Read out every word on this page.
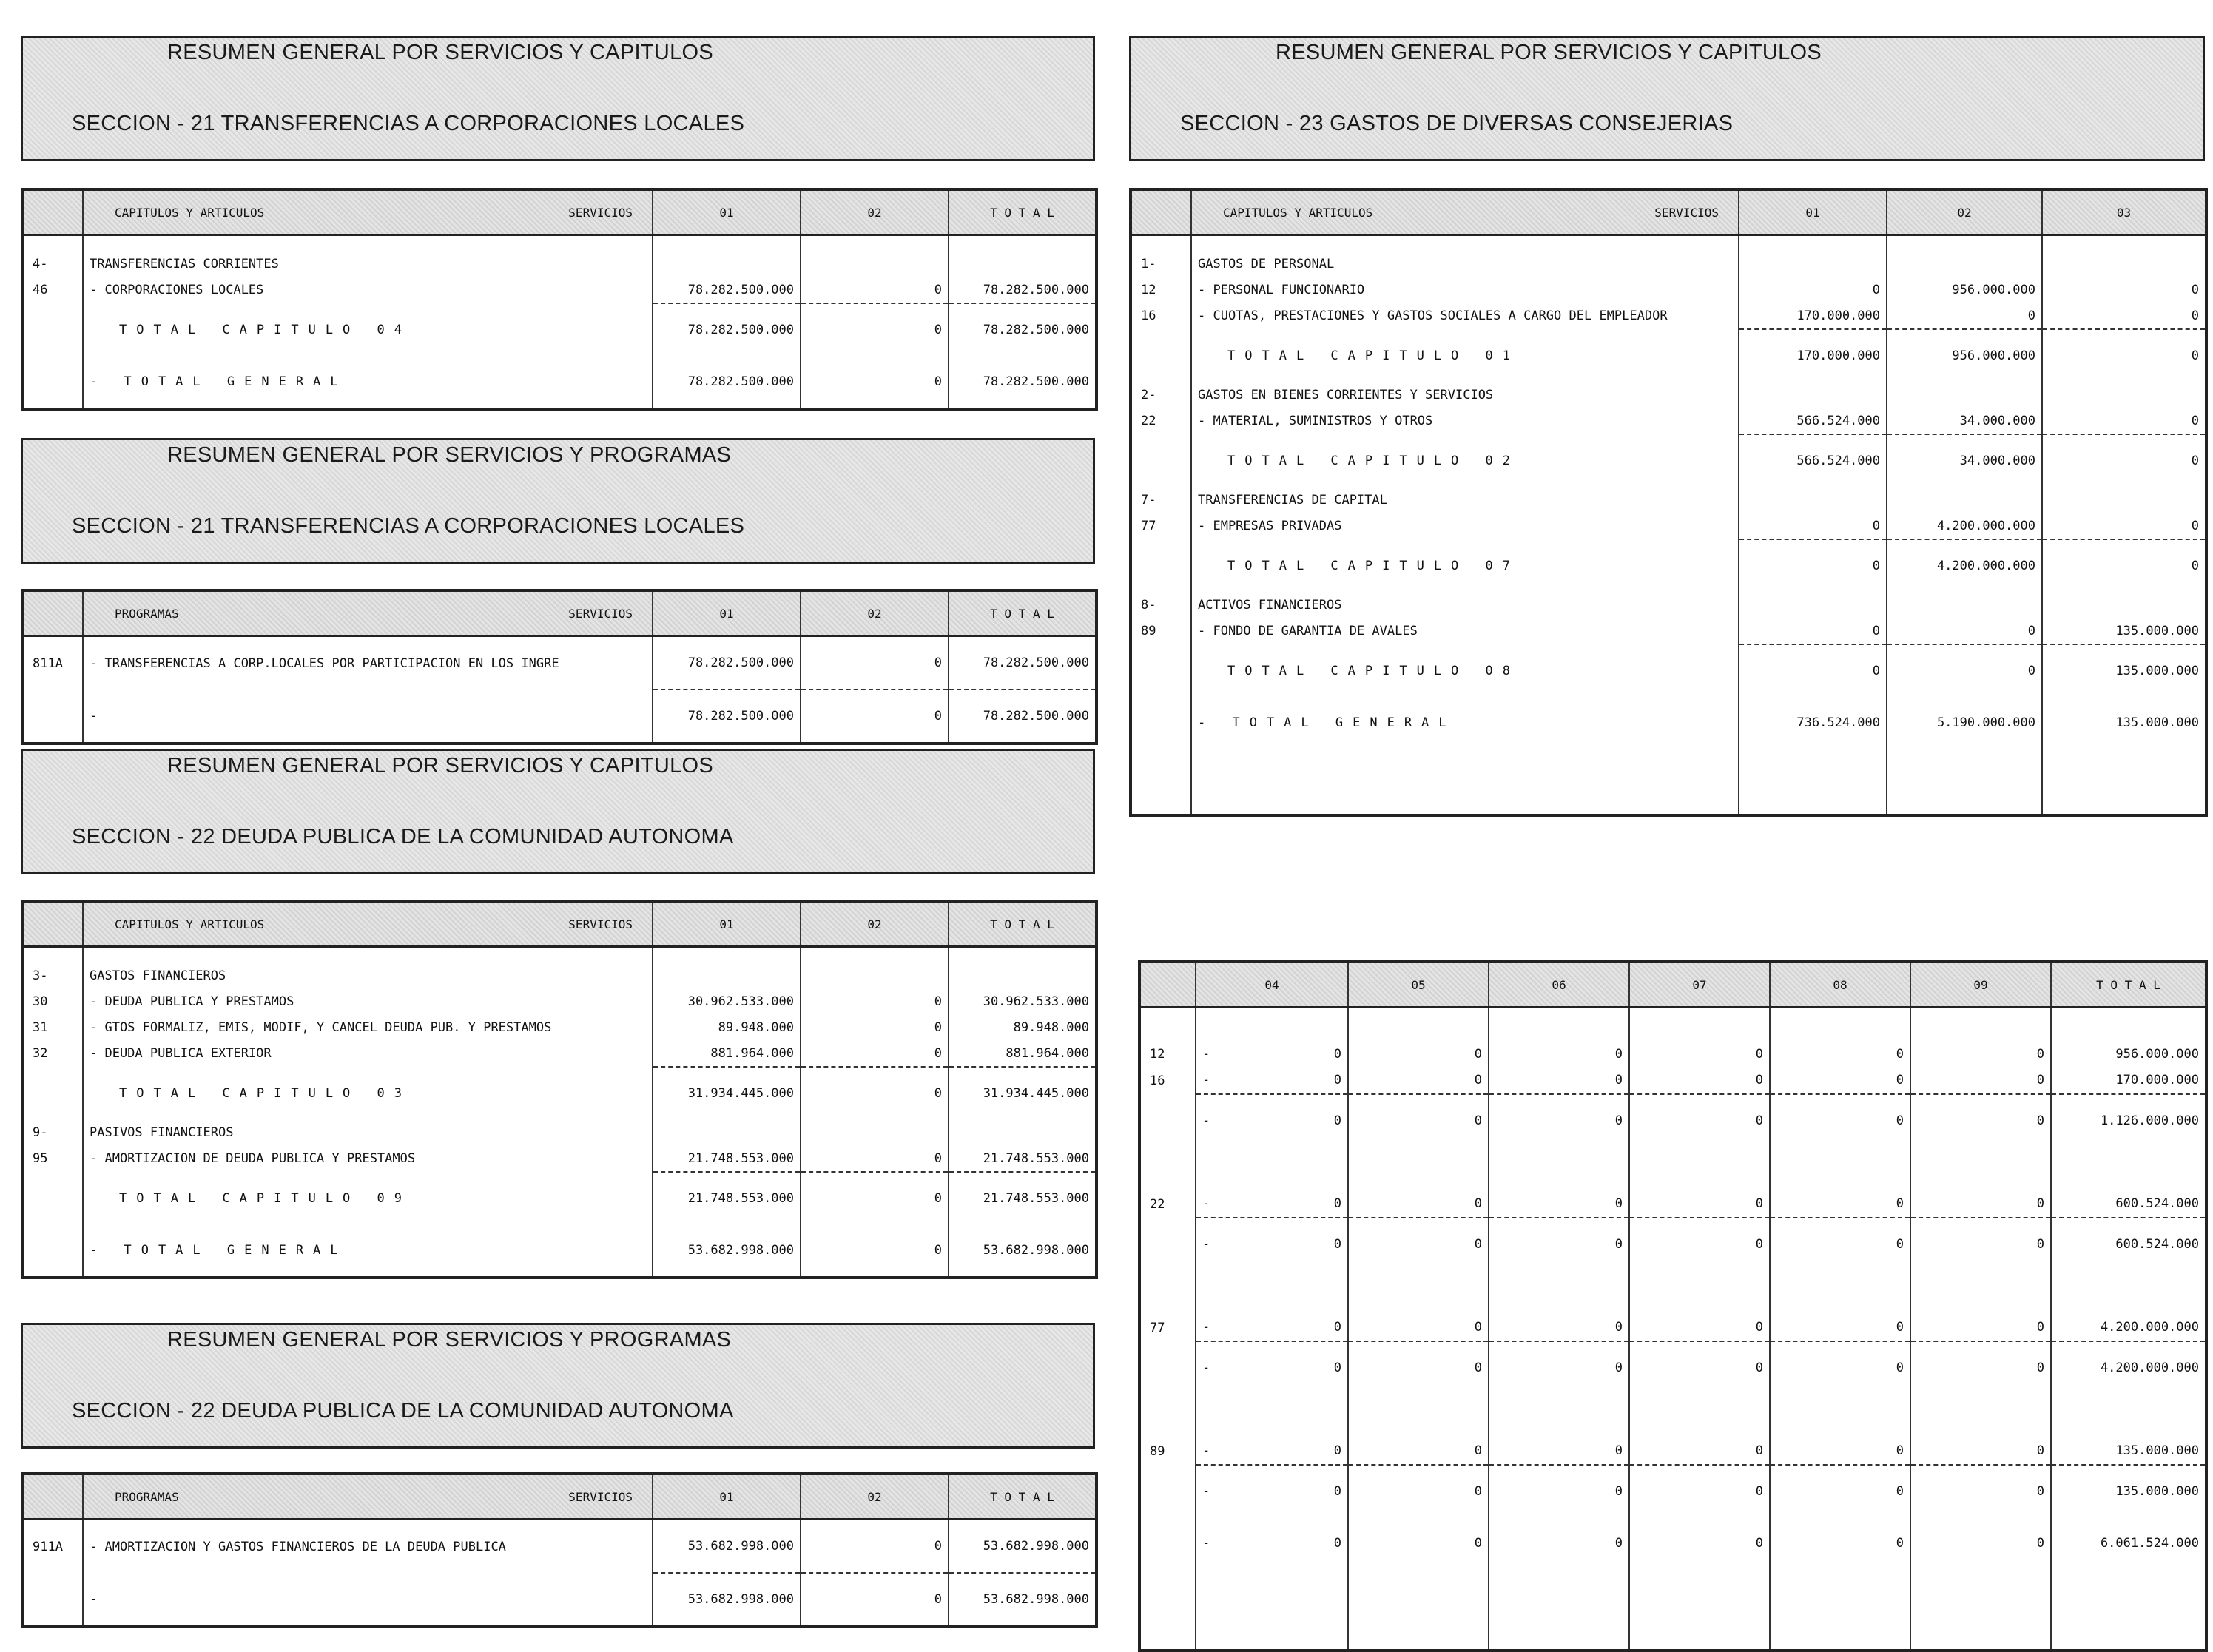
RESUMEN GENERAL POR SERVICIOS Y CAPITULOS
SECCION - 21 TRANSFERENCIAS A CORPORACIONES LOCALES

	CAPITULOS Y ARTICULOS SERVICIOS	01	02	T O T A L

4-	TRANSFERENCIAS CORRIENTES			
46	- CORPORACIONES LOCALES	78.282.500.000	0	78.282.500.000
	TOTAL CAPITULO 04	78.282.500.000	0	78.282.500.000
	- TOTAL GENERAL	78.282.500.000	0	78.282.500.000
RESUMEN GENERAL POR SERVICIOS Y PROGRAMAS
SECCION - 21 TRANSFERENCIAS A CORPORACIONES LOCALES

	PROGRAMAS SERVICIOS	01	02	T O T A L
811A	- TRANSFERENCIAS A CORP.LOCALES POR PARTICIPACION EN LOS INGRE	78.282.500.000	0	78.282.500.000
	-	78.282.500.000	0	78.282.500.000
RESUMEN GENERAL POR SERVICIOS Y CAPITULOS
SECCION - 22 DEUDA PUBLICA DE LA COMUNIDAD AUTONOMA

	CAPITULOS Y ARTICULOS SERVICIOS	01	02	T O T A L

3-	GASTOS FINANCIEROS			
30	- DEUDA PUBLICA Y PRESTAMOS	30.962.533.000	0	30.962.533.000
31	- GTOS FORMALIZ, EMIS, MODIF, Y CANCEL DEUDA PUB. Y PRESTAMOS	89.948.000	0	89.948.000
32	- DEUDA PUBLICA EXTERIOR	881.964.000	0	881.964.000
	TOTAL CAPITULO 03	31.934.445.000	0	31.934.445.000
9-	PASIVOS FINANCIEROS			
95	- AMORTIZACION DE DEUDA PUBLICA Y PRESTAMOS	21.748.553.000	0	21.748.553.000
	TOTAL CAPITULO 09	21.748.553.000	0	21.748.553.000
	- TOTAL GENERAL	53.682.998.000	0	53.682.998.000
RESUMEN GENERAL POR SERVICIOS Y PROGRAMAS
SECCION - 22 DEUDA PUBLICA DE LA COMUNIDAD AUTONOMA

	PROGRAMAS SERVICIOS	01	02	T O T A L
911A	- AMORTIZACION Y GASTOS FINANCIEROS DE LA DEUDA PUBLICA	53.682.998.000	0	53.682.998.000
	-	53.682.998.000	0	53.682.998.000
RESUMEN GENERAL POR SERVICIOS Y CAPITULOS
SECCION - 23 GASTOS DE DIVERSAS CONSEJERIAS

	CAPITULOS Y ARTICULOS SERVICIOS	01	02	03

1-	GASTOS DE PERSONAL			
12	- PERSONAL FUNCIONARIO	0	956.000.000	0
16	- CUOTAS, PRESTACIONES Y GASTOS SOCIALES A CARGO DEL EMPLEADOR	170.000.000	0	0
	TOTAL CAPITULO 01	170.000.000	956.000.000	0
2-	GASTOS EN BIENES CORRIENTES Y SERVICIOS			
22	- MATERIAL, SUMINISTROS Y OTROS	566.524.000	34.000.000	0
	TOTAL CAPITULO 02	566.524.000	34.000.000	0
7-	TRANSFERENCIAS DE CAPITAL			
77	- EMPRESAS PRIVADAS	0	4.200.000.000	0
	TOTAL CAPITULO 07	0	4.200.000.000	0
8-	ACTIVOS FINANCIEROS			
89	- FONDO DE GARANTIA DE AVALES	0	0	135.000.000
	TOTAL CAPITULO 08	0	0	135.000.000
	- TOTAL GENERAL	736.524.000	5.190.000.000	135.000.000

	04	05	06	07	08	09	T O T A L

12	- 0	0	0	0	0	0	956.000.000
16	- 0	0	0	0	0	0	170.000.000

	- 0	0	0	0	0	0	1.126.000.000

22	- 0	0	0	0	0	0	600.524.000

	- 0	0	0	0	0	0	600.524.000

77	- 0	0	0	0	0	0	4.200.000.000

	- 0	0	0	0	0	0	4.200.000.000

89	- 0	0	0	0	0	0	135.000.000

	- 0	0	0	0	0	0	135.000.000

	- 0	0	0	0	0	0	6.061.524.000
